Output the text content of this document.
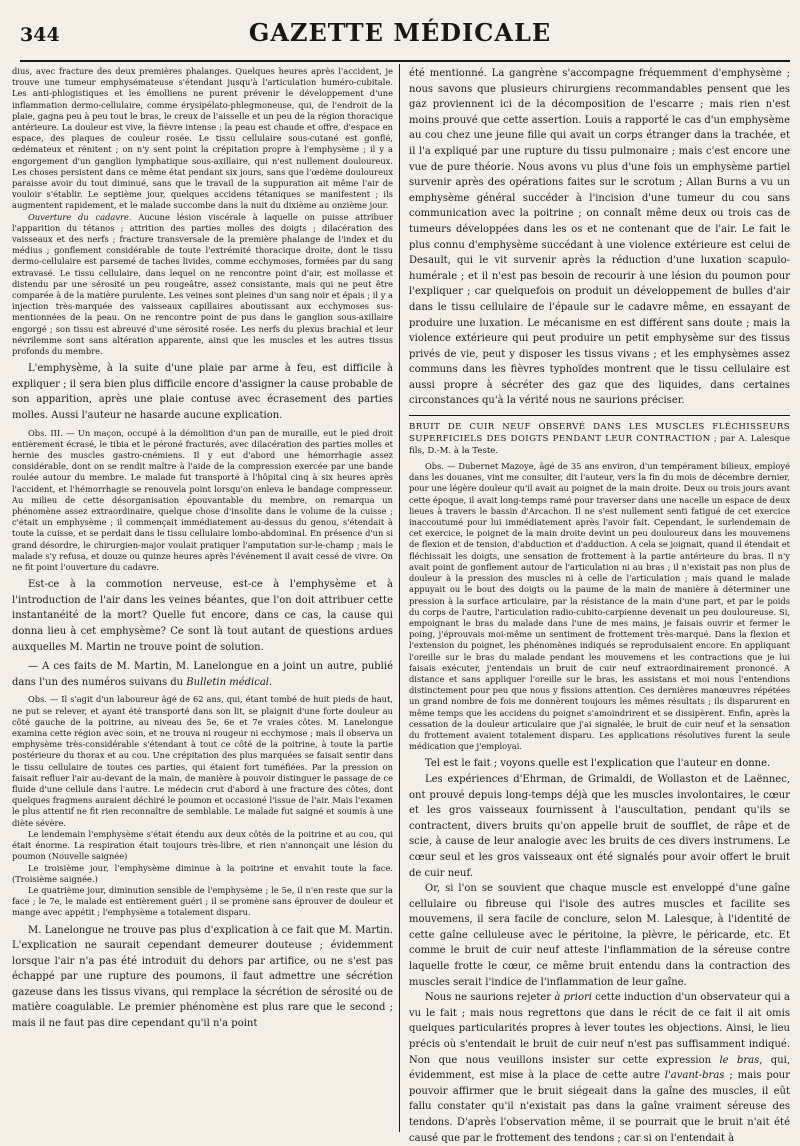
344	GAZETTE MÉDICALE

dius, avec fracture des deux premières phalanges. Quelques heures après l'accident, je trouve une tumeur emphysémateuse s'étendant jusqu'à l'articulation huméro-cubitale. Les anti-phlogistiques et les émolliens ne purent prévenir le développement d'une inflammation dermo-cellulaire, comme érysipélato-phlegmoneuse, qui, de l'endroit de la plaie, gagna peu à peu tout le bras, le creux de l'aisselle et un peu de la région thoracique antérieure. La douleur est vive, la fièvre intense : la peau est chaude et offre, d'espace en espace, des plaques de couleur rosée. Le tissu cellulaire sous-cutané est gonflé, œdémateux et rénitent ; on n'y sent point la crépitation propre à l'emphysème ; il y a engorgement d'un ganglion lymphatique sous-axillaire, qui n'est nullement douloureux. Les choses persistent dans ce même état pendant six jours, sans que l'œdème douloureux paraisse avoir du tout diminué, sans que le travail de la suppuration ait même l'air de vouloir s'établir. Le septième jour, quelques accidens tétaniques se manifestent ; ils augmentent rapidement, et le malade succombe dans la nuit du dixième au onzième jour.

Ouverture du cadavre. Aucune lésion viscérale à laquelle on puisse attribuer l'apparition du tétanos ; attrition des parties molles des doigts ; dilacération des vaisseaux et des nerfs ; fracture transversale de la première phalange de l'index et du médius ; gonflement considérable de toute l'extrémité thoracique droite, dont le tissu dermo-cellulaire est parsemé de taches livides, comme ecchymoses, formées par du sang extravasé. Le tissu cellulaire, dans lequel on ne rencontre point d'air, est mollasse et distendu par une sérosité un peu rougeâtre, assez consistante, mais qui ne peut être comparée à de la matière purulente. Les veines sont pleines d'un sang noir et épais ; il y a injection très-marquée des vaisseaux capillaires aboutissant aux ecchymoses sus-mentionnées de la peau. On ne rencontre point de pus dans le ganglion sous-axillaire engorgé ; son tissu est abreuvé d'une sérosité rosée. Les nerfs du plexus brachial et leur névrilemme sont sans altération apparente, ainsi que les muscles et les autres tissus profonds du membre.

L'emphysème, à la suite d'une plaie par arme à feu, est difficile à expliquer ; il sera bien plus difficile encore d'assigner la cause probable de son apparition, après une plaie contuse avec écrasement des parties molles. Aussi l'auteur ne hasarde aucune explication.

Obs. III. — Un maçon, occupé à la démolition d'un pan de muraille, eut le pied droit entièrement écrasé, le tibia et le péroné fracturés, avec dilacération des parties molles et hernie des muscles gastro-cnémiens. Il y eut d'abord une hémorrhagie assez considérable, dont on se rendit maître à l'aide de la compression exercée par une bande roulée autour du membre. Le malade fut transporté à l'hôpital cinq à six heures après l'accident, et l'hémorrhagie se renouvela point lorsqu'on enleva le bandage compresseur. Au milieu de cette désorganisation épouvantable du membre, on remarqua un phénomène assez extraordinaire, quelque chose d'insolite dans le volume de la cuisse ; c'était un emphysème ; il commençait immédiatement au-dessus du genou, s'étendait à toute la cuisse, et se perdait dans le tissu cellulaire lombo-abdominal. En présence d'un si grand désordre, le chirurgien-major voulait pratiquer l'amputation sur-le-champ ; mais le malade s'y refusa, et douze ou quinze heures après l'événement il avait cessé de vivre. On ne fit point l'ouverture du cadavre.

Est-ce à la commotion nerveuse, est-ce à l'emphysème et à l'introduction de l'air dans les veines béantes, que l'on doit attribuer cette instantanéité de la mort? Quelle fut encore, dans ce cas, la cause qui donna lieu à cet emphysème? Ce sont là tout autant de questions ardues auxquelles M. Martin ne trouve point de solution.

— A ces faits de M. Martin, M. Lanelongue en a joint un autre, publié dans l'un des numéros suivans du Bulletin médical.

Obs. — Il s'agit d'un laboureur âgé de 62 ans, qui, étant tombé de huit pieds de haut, ne put se relever, et ayant été transporté dans son lit, se plaignit d'une forte douleur au côté gauche de la poitrine, au niveau des 5e, 6e et 7e vraies côtes. M. Lanelongue examina cette région avec soin, et ne trouva ni rougeur ni ecchymose ; mais il observa un emphysème très-considérable s'étendant à tout ce côté de la poitrine, à toute la partie postérieure du thorax et au cou. Une crépitation des plus marquées se faisait sentir dans le tissu cellulaire de toutes ces parties, qui étaient fort tuméfiées. Par la pression on faisait refluer l'air au-devant de la main, de manière à pouvoir distinguer le passage de ce fluide d'une cellule dans l'autre. Le médecin crut d'abord à une fracture des côtes, dont quelques fragmens auraient déchiré le poumon et occasioné l'issue de l'air. Mais l'examen le plus attentif ne fit rien reconnaître de semblable. Le malade fut saigné et soumis à une diète sévère.

Le lendemain l'emphysème s'était étendu aux deux côtés de la poitrine et au cou, qui était énorme. La respiration était toujours très-libre, et rien n'annonçait une lésion du poumon (Nouvelle saignée)

Le troisième jour, l'emphysème diminue à la poitrine et envahit toute la face. (Troisième saignée.)

Le quatrième jour, diminution sensible de l'emphysème ; le 5e, il n'en reste que sur la face ; le 7e, le malade est entièrement guéri ; il se promène sans éprouver de douleur et mange avec appétit ; l'emphysème a totalement disparu.

M. Lanelongue ne trouve pas plus d'explication à ce fait que M. Martin. L'explication ne saurait cependant demeurer douteuse ; évidemment lorsque l'air n'a pas été introduit du dehors par artifice, ou ne s'est pas échappé par une rupture des poumons, il faut admettre une sécrétion gazeuse dans les tissus vivans, qui remplace la sécrétion de sérosité ou de matière coagulable. Le premier phénomène est plus rare que le second ; mais il ne faut pas dire cependant qu'il n'a point

été mentionné. La gangrène s'accompagne fréquemment d'emphysème ; nous savons que plusieurs chirurgiens recommandables pensent que les gaz proviennent ici de la décomposition de l'escarre ; mais rien n'est moins prouvé que cette assertion. Louis a rapporté le cas d'un emphysème au cou chez une jeune fille qui avait un corps étranger dans la trachée, et il l'a expliqué par une rupture du tissu pulmonaire ; mais c'est encore une vue de pure théorie. Nous avons vu plus d'une fois un emphysème partiel survenir après des opérations faites sur le scrotum ; Allan Burns a vu un emphysème général succéder à l'incision d'une tumeur du cou sans communication avec la poitrine ; on connaît même deux ou trois cas de tumeurs développées dans les os et ne contenant que de l'air. Le fait le plus connu d'emphysème succédant à une violence extérieure est celui de Desault, qui le vit survenir après la réduction d'une luxation scapulo-humérale ; et il n'est pas besoin de recourir à une lésion du poumon pour l'expliquer ; car quelquefois on produit un développement de bulles d'air dans le tissu cellulaire de l'épaule sur le cadavre même, en essayant de produire une luxation. Le mécanisme en est différent sans doute ; mais la violence extérieure qui peut produire un petit emphysème sur des tissus privés de vie, peut y disposer les tissus vivans ; et les emphysèmes assez communs dans les fièvres typhoïdes montrent que le tissu cellulaire est aussi propre à sécréter des gaz que des liquides, dans certaines circonstances qu'à la vérité nous ne saurions préciser.

BRUIT DE CUIR NEUF OBSERVÉ DANS LES MUSCLES FLÉCHISSEURS SUPERFICIELS DES DOIGTS PENDANT LEUR CONTRACTION ; par A. Lalesque fils, D.-M. à la Teste.

Obs. — Dubernet Mazoye, âgé de 35 ans environ, d'un tempérament bilieux, employé dans les douanes, vint me consulter, dit l'auteur, vers la fin du mois de décembre dernier, pour une légère douleur qu'il avait au poignet de la main droite. Deux ou trois jours avant cette époque, il avait long-temps ramé pour traverser dans une nacelle un espace de deux lieues à travers le bassin d'Arcachon. Il ne s'est nullement senti fatigué de cet exercice inaccoutumé pour lui immédiatement après l'avoir fait. Cependant, le surlendemain de cet exercice, le poignet de la main droite devint un peu douloureux dans les mouvemens de flexion et de tension, d'abduction et d'adduction. A cela se joignait, quand il étendait et fléchissait les doigts, une sensation de frottement à la partie antérieure du bras. Il n'y avait point de gonflement autour de l'articulation ni au bras ; il n'existait pas non plus de douleur à la pression des muscles ni à celle de l'articulation ; mais quand le malade appuyait ou le bout des doigts ou la paume de la main de manière à déterminer une pression à la surface articulaire, par la résistance de la main d'une part, et par le poids du corps de l'autre, l'articulation radio-cubito-carpienne devenait un peu douloureuse. Si, empoignant le bras du malade dans l'une de mes mains, je faisais ouvrir et fermer le poing, j'éprouvais moi-même un sentiment de frottement très-marqué. Dans la flexion et l'extension du poignet, les phénomènes indiqués se reproduisaient encore. En appliquant l'oreille sur le bras du malade pendant les mouvemens et les contractions que je lui faisais exécuter, j'entendais un bruit de cuir neuf extraordinairement prononcé. A distance et sans appliquer l'oreille sur le bras, les assistans et moi nous l'entendions distinctement pour peu que nous y fissions attention. Ces dernières manœuvres répétées un grand nombre de fois me donnèrent toujours les mêmes résultats ; ils disparurent en même temps que les accidens du poignet s'amoindrirent et se dissipèrent. Enfin, après la cessation de la douleur articulaire que j'ai signalée, le bruit de cuir neuf et la sensation du frottement avaient totalement disparu. Les applications résolutives furent la seule médication que j'employai.

Tel est le fait ; voyons quelle est l'explication que l'auteur en donne.

Les expériences d'Ehrman, de Grimaldi, de Wollaston et de Laënnec, ont prouvé depuis long-temps déjà que les muscles involontaires, le cœur et les gros vaisseaux fournissent à l'auscultation, pendant qu'ils se contractent, divers bruits qu'on appelle bruit de soufflet, de râpe et de scie, à cause de leur analogie avec les bruits de ces divers instrumens. Le cœur seul et les gros vaisseaux ont été signalés pour avoir offert le bruit de cuir neuf.

Or, si l'on se souvient que chaque muscle est enveloppé d'une gaîne cellulaire ou fibreuse qui l'isole des autres muscles et facilite ses mouvemens, il sera facile de conclure, selon M. Lalesque, à l'identité de cette gaîne celluleuse avec le péritoine, la plèvre, le péricarde, etc. Et comme le bruit de cuir neuf atteste l'inflammation de la séreuse contre laquelle frotte le cœur, ce même bruit entendu dans la contraction des muscles serait l'indice de l'inflammation de leur gaîne.

Nous ne saurions rejeter à priori cette induction d'un observateur qui a vu le fait ; mais nous regrettons que dans le récit de ce fait il ait omis quelques particularités propres à lever toutes les objections. Ainsi, le lieu précis où s'entendait le bruit de cuir neuf n'est pas suffisamment indiqué. Non que nous veuillons insister sur cette expression le bras, qui, évidemment, est mise à la place de cette autre l'avant-bras ; mais pour pouvoir affirmer que le bruit siégeait dans la gaîne des muscles, il eût fallu constater qu'il n'existait pas dans la gaîne vraiment séreuse des tendons. D'après l'observation même, il se pourrait que le bruit n'ait été causé que par le frottement des tendons ; car si on l'entendait à
